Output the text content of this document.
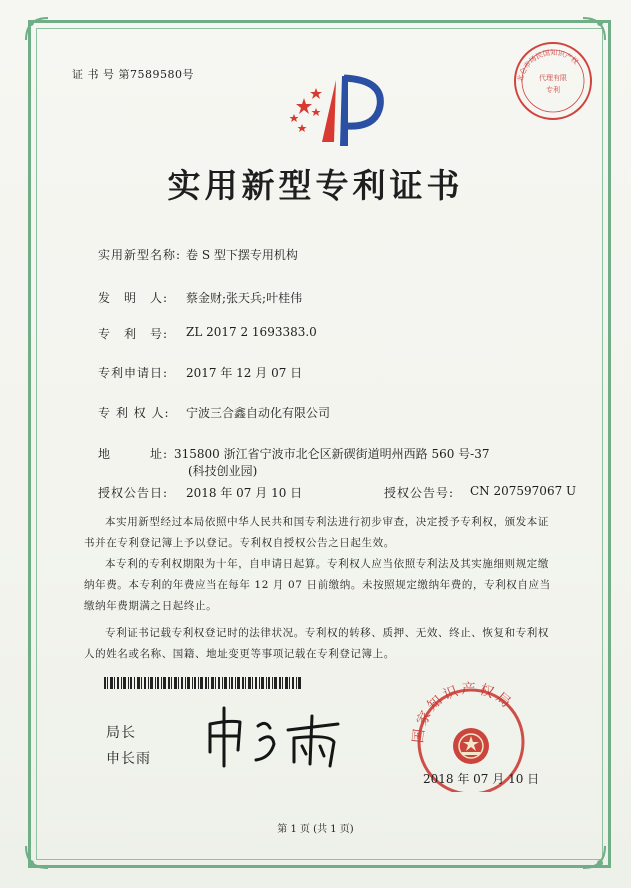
证 书 号 第7589580号	北仑市场民国知识产权
代理有限
专利
实用新型专利证书
实用新型名称: 卷 S 型下摆专用机构
发　明　人: 蔡金财;张天兵;叶桂伟
专　利　号: ZL 2017 2 1693383.0
专利申请日: 2017 年 12 月 07 日
专 利 权 人: 宁波三合鑫自动化有限公司
地　　　址: 315800 浙江省宁波市北仑区新碶街道明州西路 560 号-37
(科技创业园)
授权公告日: 2018 年 07 月 10 日	授权公告号: CN 207597067 U

本实用新型经过本局依照中华人民共和国专利法进行初步审查，决定授予专利权，颁发本证书并在专利登记簿上予以登记。专利权自授权公告之日起生效。

本专利的专利权期限为十年，自申请日起算。专利权人应当依照专利法及其实施细则规定缴纳年费。本专利的年费应当在每年 12 月 07 日前缴纳。未按照规定缴纳年费的，专利权自应当缴纳年费期满之日起终止。

专利证书记载专利权登记时的法律状况。专利权的转移、质押、无效、终止、恢复和专利权人的姓名或名称、国籍、地址变更等事项记载在专利登记簿上。

局长
申长雨
国家知识产权局
2018 年 07 月 10 日
第 1 页 (共 1 页)
